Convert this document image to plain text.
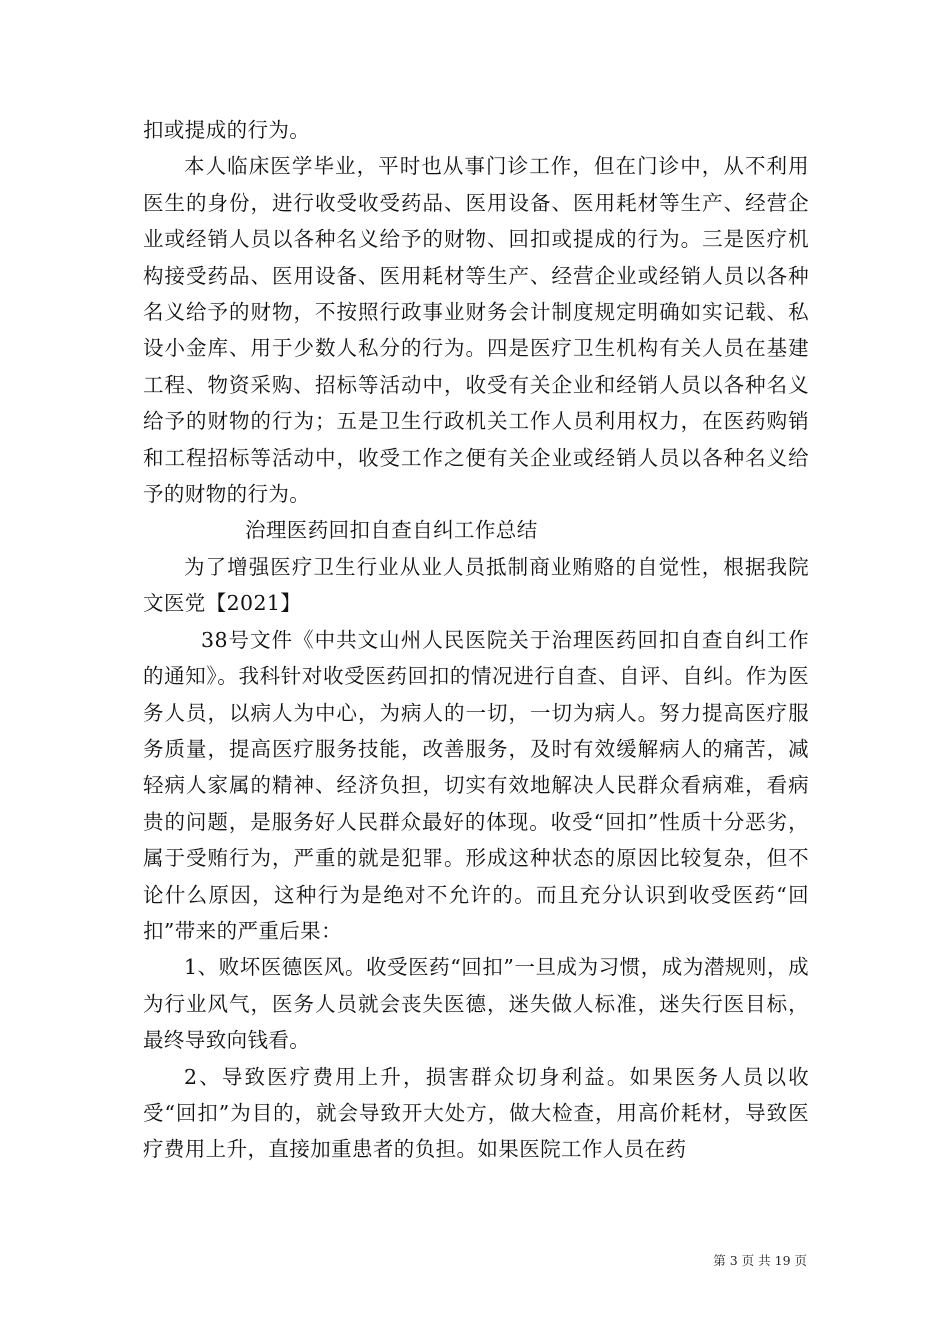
扣或提成的行为。

本人临床医学毕业，平时也从事门诊工作，但在门诊中，从不利用医生的身份，进行收受收受药品、医用设备、医用耗材等生产、经营企业或经销人员以各种名义给予的财物、回扣或提成的行为。三是医疗机构接受药品、医用设备、医用耗材等生产、经营企业或经销人员以各种名义给予的财物，不按照行政事业财务会计制度规定明确如实记载、私设小金库、用于少数人私分的行为。四是医疗卫生机构有关人员在基建工程、物资采购、招标等活动中，收受有关企业和经销人员以各种名义给予的财物的行为；五是卫生行政机关工作人员利用权力，在医药购销和工程招标等活动中，收受工作之便有关企业或经销人员以各种名义给予的财物的行为。

治理医药回扣自查自纠工作总结

为了增强医疗卫生行业从业人员抵制商业贿赂的自觉性，根据我院文医党【2021】

38号文件《中共文山州人民医院关于治理医药回扣自查自纠工作的通知》。我科针对收受医药回扣的情况进行自查、自评、自纠。作为医务人员，以病人为中心，为病人的一切，一切为病人。努力提高医疗服务质量，提高医疗服务技能，改善服务，及时有效缓解病人的痛苦，减轻病人家属的精神、经济负担，切实有效地解决人民群众看病难，看病贵的问题，是服务好人民群众最好的体现。收受“回扣”性质十分恶劣，属于受贿行为，严重的就是犯罪。形成这种状态的原因比较复杂，但不论什么原因，这种行为是绝对不允许的。而且充分认识到收受医药“回扣”带来的严重后果：

1、败坏医德医风。收受医药“回扣”一旦成为习惯，成为潜规则，成为行业风气，医务人员就会丧失医德，迷失做人标准，迷失行医目标，最终导致向钱看。

2、导致医疗费用上升，损害群众切身利益。如果医务人员以收受“回扣”为目的，就会导致开大处方，做大检查，用高价耗材，导致医疗费用上升，直接加重患者的负担。如果医院工作人员在药

第 3 页 共 19 页
